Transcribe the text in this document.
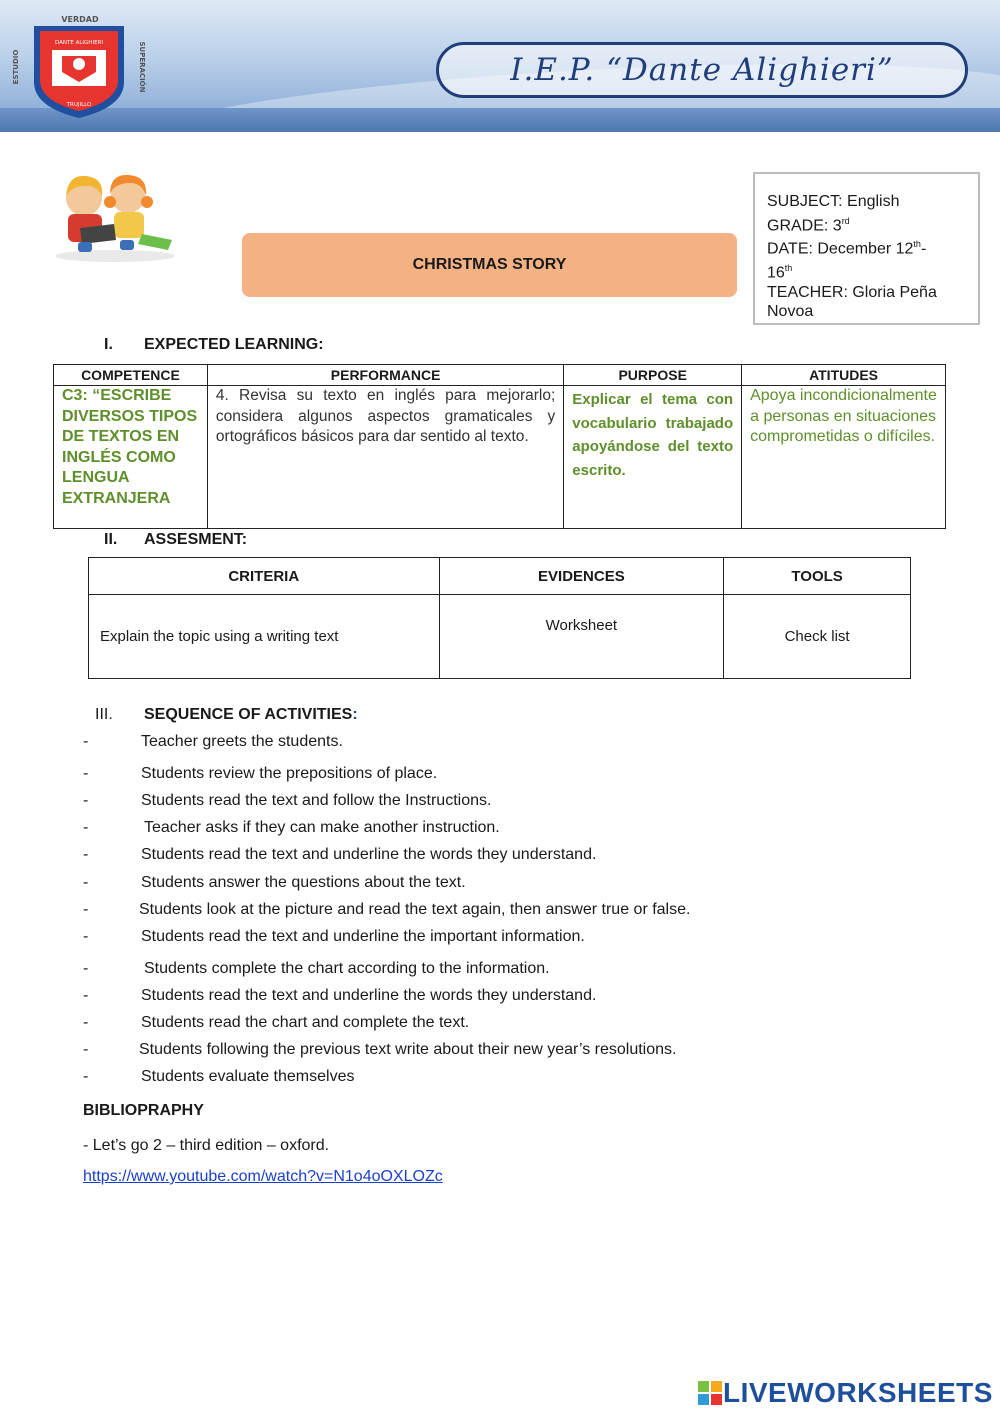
VERDAD
ESTUDIO	SUPERACIÓN
DANTE ALIGHIERI
TRUJILLO
I.E.P. “Dante Alighieri”
CHRISTMAS STORY
SUBJECT: English
GRADE: 3rd
DATE: December 12th-
16th
TEACHER: Gloria Peña Novoa
I. EXPECTED LEARNING:
COMPETENCE	PERFORMANCE	PURPOSE	ATITUDES
C3: “ESCRIBE DIVERSOS TIPOS DE TEXTOS EN INGLÉS COMO LENGUA EXTRANJERA	4. Revisa su texto en inglés para mejorarlo; considera algunos aspectos gramaticales y ortográficos básicos para dar sentido al texto.	Explicar el tema con vocabulario trabajado apoyándose del texto escrito.	Apoya incondicionalmente a personas en situaciones comprometidas o difíciles.
II. ASSESMENT:
CRITERIA	EVIDENCES	TOOLS
Explain the topic using a writing text	Worksheet	Check list
III. SEQUENCE OF ACTIVITIES:
-	Teacher greets the students.
-	Students review the prepositions of place.
-	Students read the text and follow the Instructions.
-	Teacher asks if they can make another instruction.
-	Students read the text and underline the words they understand.
-	Students answer the questions about the text.
-	Students look at the picture and read the text again, then answer true or false.
-	Students read the text and underline the important information.
-	Students complete the chart according to the information.
-	Students read the text and underline the words they understand.
-	Students read the chart and complete the text.
-	Students following the previous text write about their new year’s resolutions.
-	Students evaluate themselves
BIBLIOPRAPHY
- Let’s go 2 – third edition – oxford.
https://www.youtube.com/watch?v=N1o4oOXLOZc
LIVEWORKSHEETS
